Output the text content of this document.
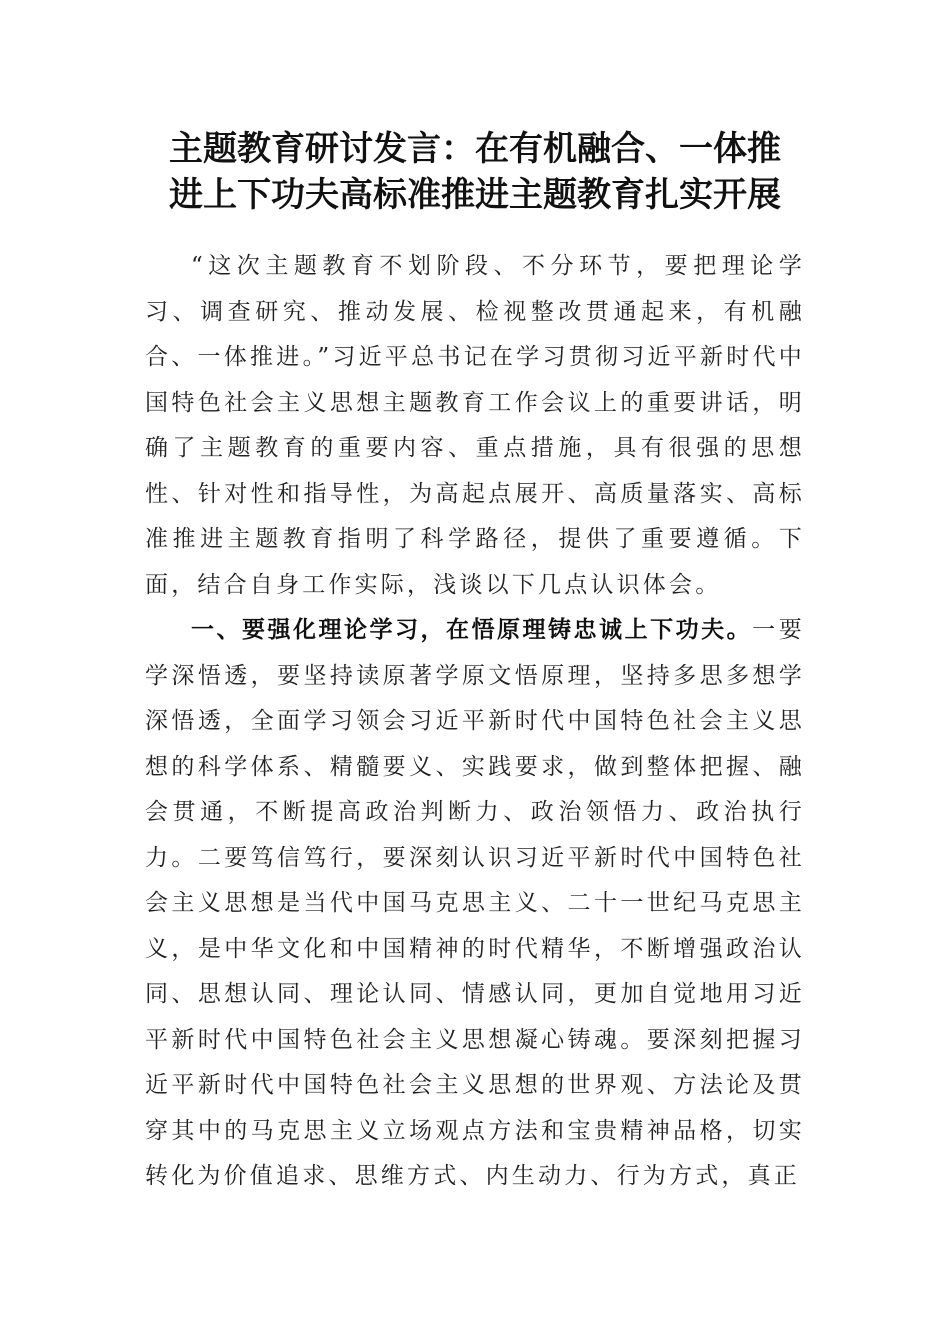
主题教育研讨发言：在有机融合、一体推
进上下功夫高标准推进主题教育扎实开展

“这次主题教育不划阶段、不分环节，要把理论学习、调查研究、推动发展、检视整改贯通起来，有机融合、一体推进。”习近平总书记在学习贯彻习近平新时代中国特色社会主义思想主题教育工作会议上的重要讲话，明确了主题教育的重要内容、重点措施，具有很强的思想性、针对性和指导性，为高起点展开、高质量落实、高标准推进主题教育指明了科学路径，提供了重要遵循。下面，结合自身工作实际，浅谈以下几点认识体会。

一、要强化理论学习，在悟原理铸忠诚上下功夫。一要学深悟透，要坚持读原著学原文悟原理，坚持多思多想学深悟透，全面学习领会习近平新时代中国特色社会主义思想的科学体系、精髓要义、实践要求，做到整体把握、融会贯通，不断提高政治判断力、政治领悟力、政治执行力。二要笃信笃行，要深刻认识习近平新时代中国特色社会主义思想是当代中国马克思主义、二十一世纪马克思主义，是中华文化和中国精神的时代精华，不断增强政治认同、思想认同、理论认同、情感认同，更加自觉地用习近平新时代中国特色社会主义思想凝心铸魂。要深刻把握习近平新时代中国特色社会主义思想的世界观、方法论及贯穿其中的马克思主义立场观点方法和宝贵精神品格，切实转化为价值追求、思维方式、内生动力、行为方式，真正
